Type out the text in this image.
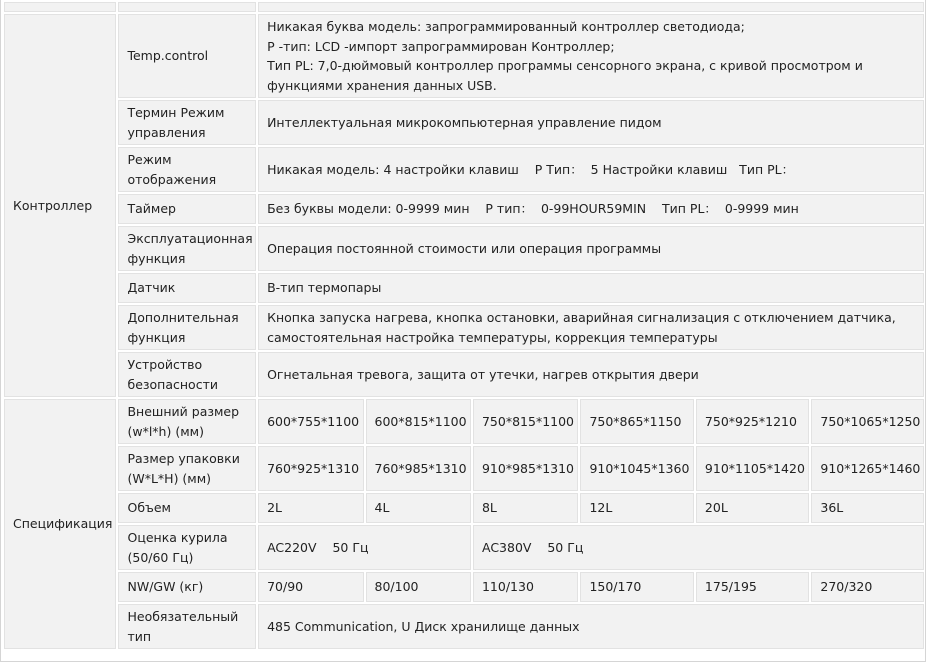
Контроллер	Temp.control	Никакая буква модель: запрограммированный контроллер светодиода;
Р -тип: LCD -импорт запрограммирован Контроллер;
Тип PL: 7,0-дюймовый контроллер программы сенсорного экрана, с кривой просмотром и
функциями хранения данных USB.					

	Термин Режим управления	Интеллектуальная микрокомпьютерная управление пидом					
	Режим отображения	Никакая модель: 4 настройки клавиш    P Тип：  5 Настройки клавиш   Тип PL：					
	Таймер	Без буквы модели: 0-9999 мин    Р тип：  0-99HOUR59MIN    Тип PL：  0-9999 мин					
	Эксплуатационная функция	Операция постоянной стоимости или операция программы					
	Датчик	В-тип термопары					
	Дополнительная функция	Кнопка запуска нагрева, кнопка остановки, аварийная сигнализация с отключением датчика,
самостоятельная настройка температуры, коррекция температуры					

	Устройство безопасности	Огнетальная тревога, защита от утечки, нагрев открытия двери					
Спецификация	Внешний размер (w*l*h) (мм)	600*755*1100	600*815*1100	750*815*1100	750*865*1150	750*925*1210	750*1065*1250
	Размер упаковки (W*L*H) (мм)	760*925*1310	760*985*1310	910*985*1310	910*1045*1360	910*1105*1420	910*1265*1460
	Объем	2L	4L	8L	12L	20L	36L
	Оценка курила (50/60 Гц)	AC220V    50 Гц		AC380V    50 Гц			
	NW/GW (кг)	70/90	80/100	110/130	150/170	175/195	270/320
	Необязательный тип	485 Communication, U Диск хранилище данных					
